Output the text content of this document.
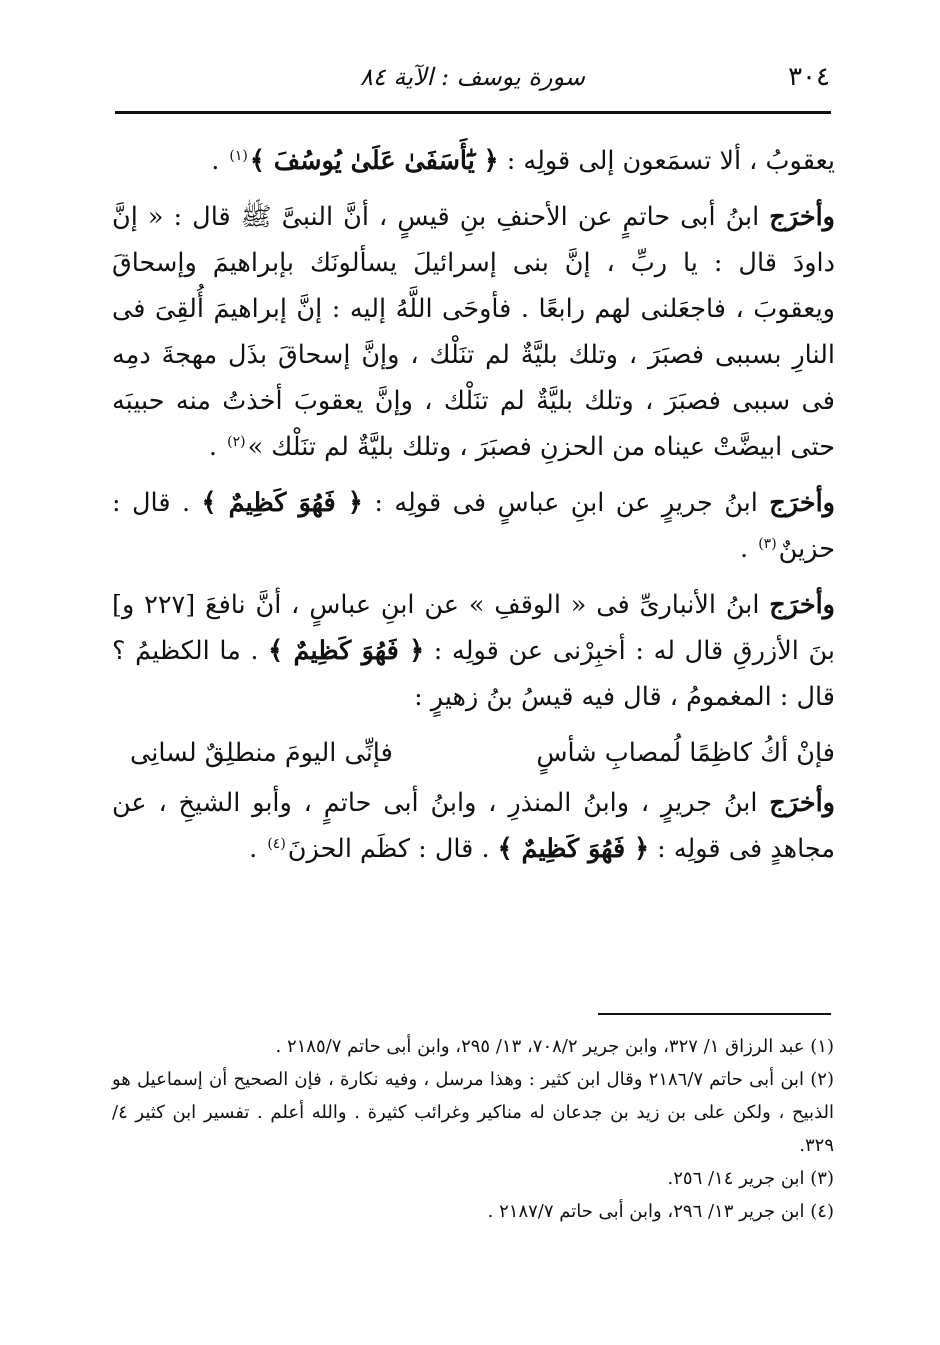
٣٠٤
سورة يوسف : الآية ٨٤

يعقوبُ ، ألا تسمَعون إلى قولِه : ﴿ يَٰٓأَسَفَىٰ عَلَىٰ يُوسُفَ ﴾$^{(١)}$ .

وأخرَج ابنُ أبى حاتمٍ عن الأحنفِ بنِ قيسٍ ، أنَّ النبىَّ ﷺ قال : « إنَّ داودَ قال : يا ربِّ ، إنَّ بنى إسرائيلَ يسألونَك بإبراهيمَ وإسحاقَ ويعقوبَ ، فاجعَلنى لهم رابعًا . فأوحَى اللَّهُ إليه : إنَّ إبراهيمَ أُلقِىَ فى النارِ بسببى فصبَرَ ، وتلك بليَّةٌ لم تنَلْك ، وإنَّ إسحاقَ بذَل مهجةَ دمِه فى سببى فصبَرَ ، وتلك بليَّةٌ لم تنَلْك ، وإنَّ يعقوبَ أخذتُ منه حبيبَه حتى ابيضَّتْ عيناه من الحزنِ فصبَرَ ، وتلك بليَّةٌ لم تنَلْك »$^{(٢)}$ .

وأخرَج ابنُ جريرٍ عن ابنِ عباسٍ فى قولِه : ﴿ فَهُوَ كَظِيمٌ ﴾ . قال : حزينٌ$^{(٣)}$ .

وأخرَج ابنُ الأنبارىِّ فى « الوقفِ » عن ابنِ عباسٍ ، أنَّ نافعَ [٢٢٧ و] بنَ الأزرقِ قال له : أخبِرْنى عن قولِه : ﴿ فَهُوَ كَظِيمٌ ﴾ . ما الكظيمُ ؟ قال : المغمومُ ، قال فيه قيسُ بنُ زهيرٍ :

فإنْ أكُ كاظِمًا لُمصابِ شأسٍ
فإنِّى اليومَ منطلِقٌ لسانِى

وأخرَج ابنُ جريرٍ ، وابنُ المنذرِ ، وابنُ أبى حاتمٍ ، وأبو الشيخِ ، عن مجاهدٍ فى قولِه : ﴿ فَهُوَ كَظِيمٌ ﴾ . قال : كظَم الحزنَ$^{(٤)}$ .

(١) عبد الرزاق ١/ ٣٢٧، وابن جرير ٧٠٨/٢، ١٣/ ٢٩٥، وابن أبى حاتم ٢١٨٥/٧ .

(٢) ابن أبى حاتم ٢١٨٦/٧ وقال ابن كثير : وهذا مرسل ، وفيه نكارة ، فإن الصحيح أن إسماعيل هو الذبيح ، ولكن على بن زيد بن جدعان له مناكير وغرائب كثيرة . والله أعلم . تفسير ابن كثير ٤/ ٣٢٩.

(٣) ابن جرير ١٤/ ٢٥٦.

(٤) ابن جرير ١٣/ ٢٩٦، وابن أبى حاتم ٢١٨٧/٧ .
